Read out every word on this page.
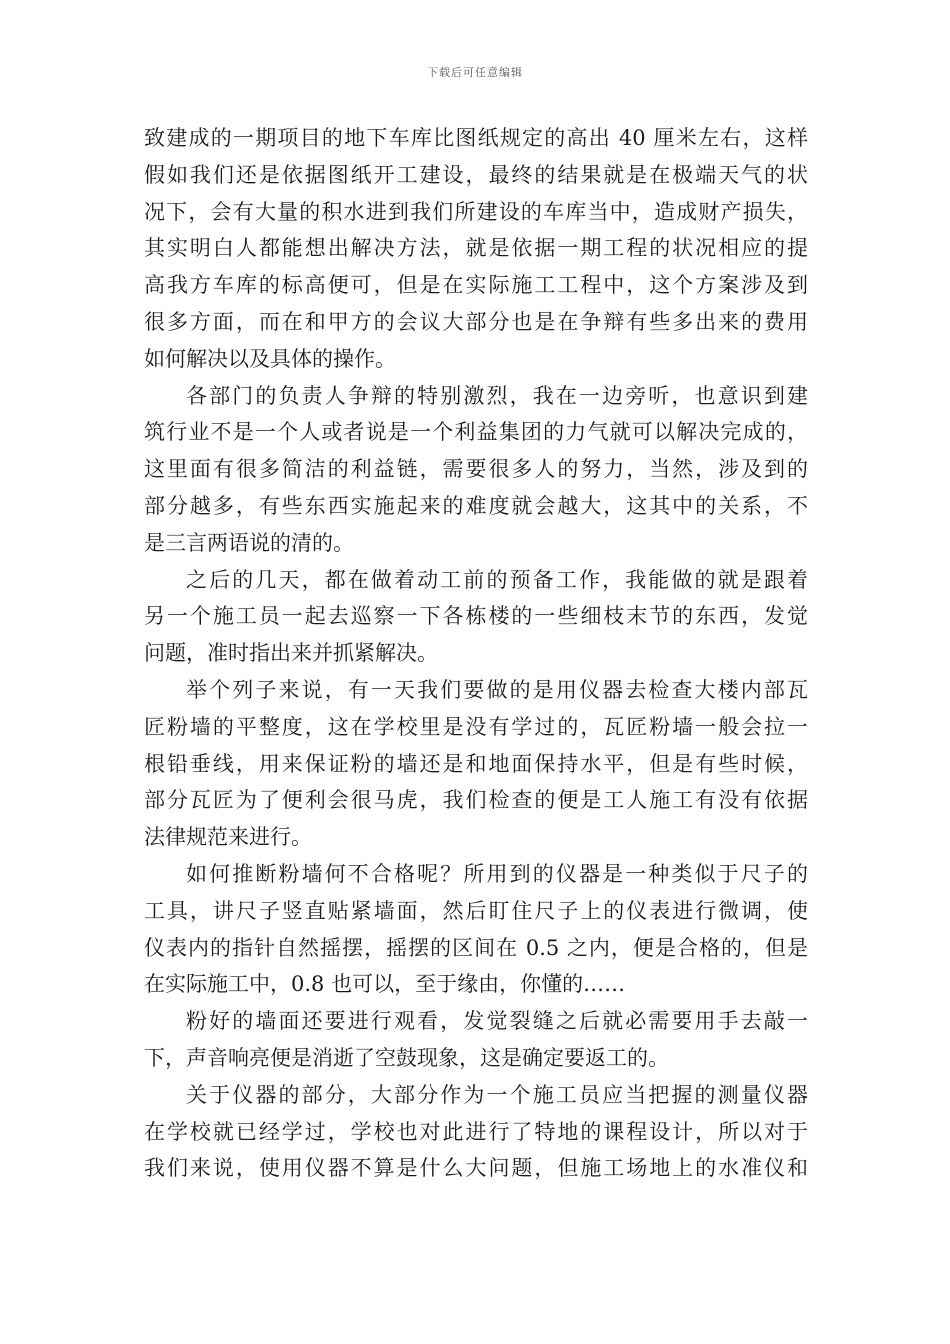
下载后可任意编辑
致建成的一期项目的地下车库比图纸规定的高出 40 厘米左右，这样
假如我们还是依据图纸开工建设，最终的结果就是在极端天气的状
况下，会有大量的积水进到我们所建设的车库当中，造成财产损失，
其实明白人都能想出解决方法，就是依据一期工程的状况相应的提
高我方车库的标高便可，但是在实际施工工程中，这个方案涉及到
很多方面，而在和甲方的会议大部分也是在争辩有些多出来的费用
如何解决以及具体的操作。
各部门的负责人争辩的特别激烈，我在一边旁听，也意识到建
筑行业不是一个人或者说是一个利益集团的力气就可以解决完成的，
这里面有很多简洁的利益链，需要很多人的努力，当然，涉及到的
部分越多，有些东西实施起来的难度就会越大，这其中的关系，不
是三言两语说的清的。
之后的几天，都在做着动工前的预备工作，我能做的就是跟着
另一个施工员一起去巡察一下各栋楼的一些细枝末节的东西，发觉
问题，准时指出来并抓紧解决。
举个列子来说，有一天我们要做的是用仪器去检查大楼内部瓦
匠粉墙的平整度，这在学校里是没有学过的，瓦匠粉墙一般会拉一
根铅垂线，用来保证粉的墙还是和地面保持水平，但是有些时候，
部分瓦匠为了便利会很马虎，我们检查的便是工人施工有没有依据
法律规范来进行。
如何推断粉墙何不合格呢？所用到的仪器是一种类似于尺子的
工具，讲尺子竖直贴紧墙面，然后盯住尺子上的仪表进行微调，使
仪表内的指针自然摇摆，摇摆的区间在 0.5 之内，便是合格的，但是
在实际施工中，0.8 也可以，至于缘由，你懂的……
粉好的墙面还要进行观看，发觉裂缝之后就必需要用手去敲一
下，声音响亮便是消逝了空鼓现象，这是确定要返工的。
关于仪器的部分，大部分作为一个施工员应当把握的测量仪器
在学校就已经学过，学校也对此进行了特地的课程设计，所以对于
我们来说，使用仪器不算是什么大问题，但施工场地上的水准仪和
